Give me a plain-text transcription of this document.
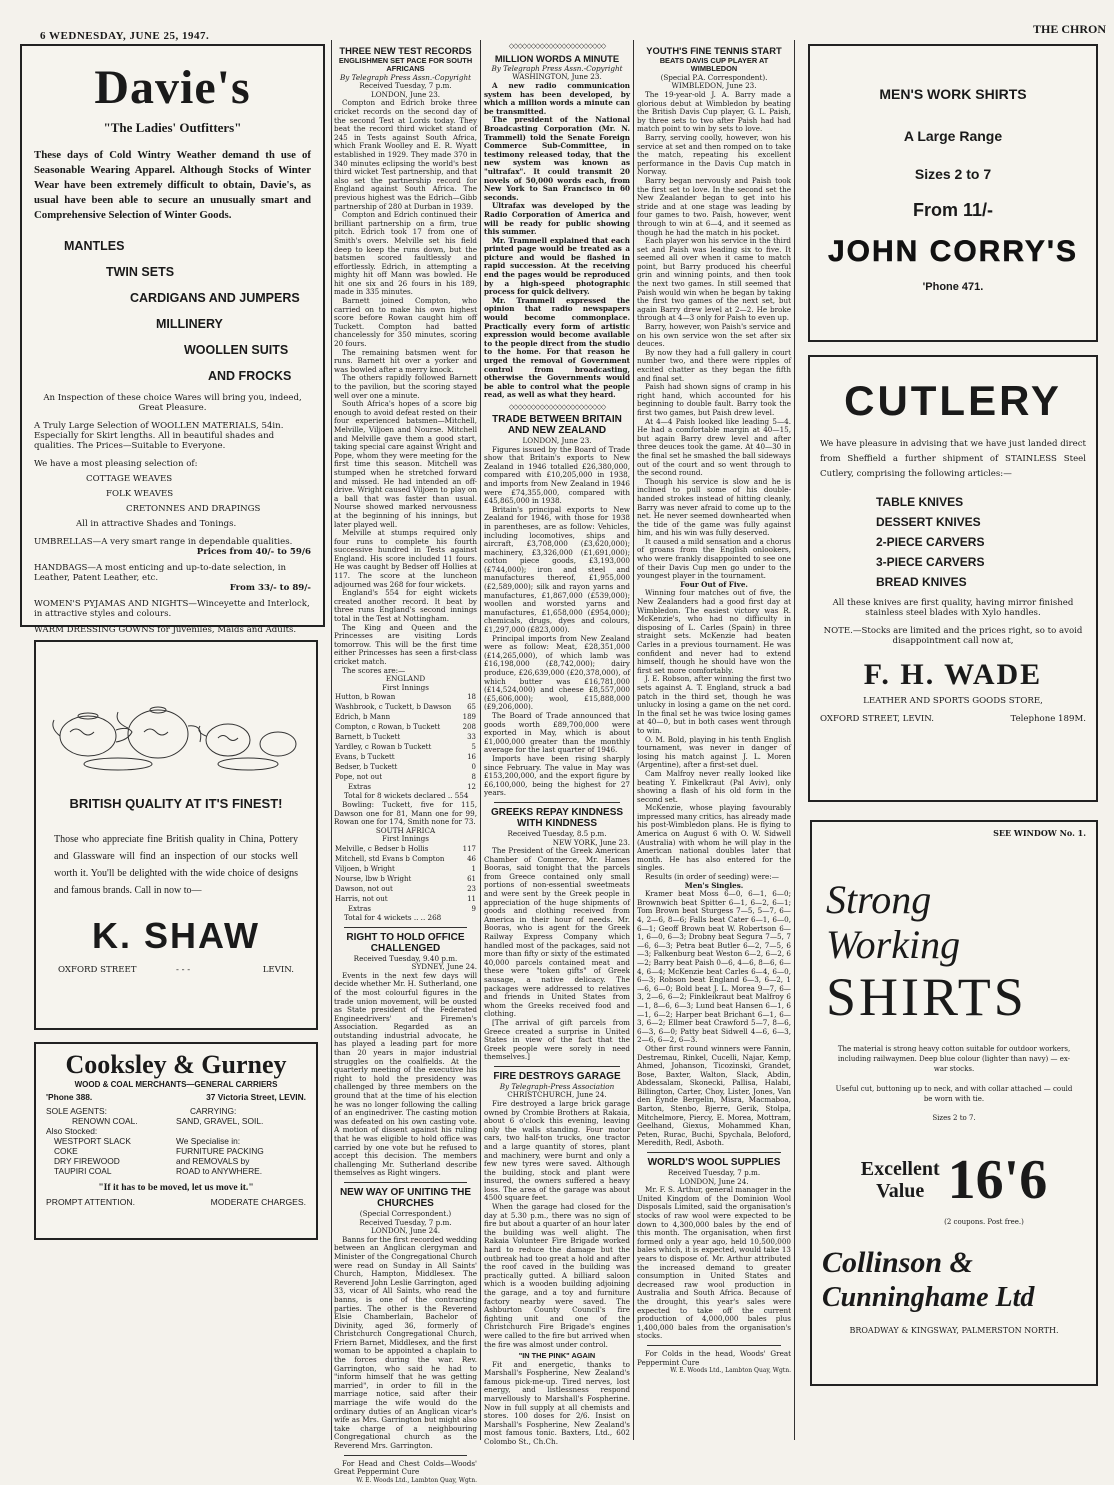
6 WEDNESDAY, JUNE 25, 1947.	THE CHRON
Davie's
"The Ladies' Outfitters"
These days of Cold Wintry Weather demand th use of Seasonable Wearing Apparel. Although Stocks of Winter Wear have been extremely difficult to obtain, Davie's, as usual have been able to secure an unusually smart and Comprehensive Selection of Winter Goods.
MANTLES
TWIN SETS
CARDIGANS AND JUMPERS
MILLINERY
WOOLLEN SUITS
AND FROCKS
An Inspection of these choice Wares will bring you, indeed, Great Pleasure.
A Truly Large Selection of WOOLLEN MATERIALS, 54in. Especially for Skirt lengths. All in beautiful shades and qualities. The Prices—Suitable to Everyone.
We have a most pleasing selection of:
COTTAGE WEAVES
FOLK WEAVES
CRETONNES AND DRAPINGS
All in attractive Shades and Tonings.
UMBRELLAS—A very smart range in dependable qualities.
Prices from 40/- to 59/6
HANDBAGS—A most enticing and up-to-date selection, in Leather, Patent Leather, etc.
From 33/- to 89/-
WOMEN'S PYJAMAS AND NIGHTS—Winceyette and Interlock, in attractive styles and colours.
WARM DRESSING GOWNS for Juveniles, Maids and Adults.
BRITISH QUALITY AT IT'S FINEST!
Those who appreciate fine British quality in China, Pottery and Glassware will find an inspection of our stocks well worth it. You'll be delighted with the wide choice of designs and famous brands. Call in now to—
K. SHAW
OXFORD STREET	- - -	LEVIN.
Cooksley & Gurney
WOOD & COAL MERCHANTS—GENERAL CARRIERS
'Phone 388.	37 Victoria Street, LEVIN.
SOLE AGENTS:
RENOWN COAL.
Also Stocked:
WESTPORT SLACK
COKE
DRY FIREWOOD
TAUPIRI COAL
CARRYING:
SAND, GRAVEL, SOIL.
We Specialise in:
FURNITURE PACKING
and REMOVALS by
ROAD to ANYWHERE.
"If it has to be moved, let us move it."
PROMPT ATTENTION.	MODERATE CHARGES.
THREE NEW TEST RECORDS
ENGLISHMEN SET PACE FOR SOUTH AFRICANS
By Telegraph Press Assn.-Copyright
Received Tuesday, 7 p.m.
LONDON, June 23.

Compton and Edrich broke three cricket records on the second day of the second Test at Lords today. They beat the record third wicket stand of 245 in Tests against South Africa, which Frank Woolley and E. R. Wyatt established in 1929. They made 370 in 340 minutes eclipsing the world's best third wicket Test partnership, and that also set the partnership record for England against South Africa. The previous highest was the Edrich—Gibb partnership of 280 at Durban in 1939.

Compton and Edrich continued their brilliant partnership on a firm, true pitch. Edrich took 17 from one of Smith's overs. Melville set his field deep to keep the runs down, but the batsmen scored faultlessly and effortlessly. Edrich, in attempting a mighty hit off Mann was bowled. He hit one six and 26 fours in his 189, made in 335 minutes.

Barnett joined Compton, who carried on to make his own highest score before Rowan caught him off Tuckett. Compton had batted chancelessly for 350 minutes, scoring 20 fours.

The remaining batsmen went for runs. Barnett hit over a yorker and was bowled after a merry knock.

The others rapidly followed Barnett to the pavilion, but the scoring stayed well over one a minute.

South Africa's hopes of a score big enough to avoid defeat rested on their four experienced batsmen—Mitchell, Melville, Viljoen and Nourse. Mitchell and Melville gave them a good start, taking special care against Wright and Pope, whom they were meeting for the first time this season. Mitchell was stumped when he stretched forward and missed. He had intended an off-drive. Wright caused Viljoen to play on a ball that was faster than usual. Nourse showed marked nervousness at the beginning of his innings, but later played well.

Melville at stumps required only four runs to complete his fourth successive hundred in Tests against England. His score included 11 fours. He was caught by Bedser off Hollies at 117. The score at the luncheon adjourned was 268 for four wickets.

England's 554 for eight wickets created another record. It beat by three runs England's second innings total in the Test at Nottingham.

The King and Queen and the Princesses are visiting Lords tomorrow. This will be the first time either Princesses has seen a first-class cricket match.

The scores are:—
ENGLAND
First Innings
Hutton, b Rowan	18
Washbrook, c Tuckett, b Dawson	65
Edrich, b Mann	189
Compton, c Rowan, b Tuckett	208
Barnett, b Tuckett	33
Yardley, c Rowan b Tuckett	5
Evans, b Tuckett	16
Bedser, b Tuckett	0
Pope, not out	8
Extras	12
Total for 8 wickets declared .. 554

Bowling: Tuckett, five for 115, Dawson one for 81, Mann one for 99, Rowan one for 174, Smith none for 73.

SOUTH AFRICA
First Innings
Melville, c Bedser b Hollis	117
Mitchell, std Evans b Compton	46
Viljoen, b Wright	1
Nourse, lbw b Wright	61
Dawson, not out	23
Harris, not out	11
Extras	9
Total for 4 wickets .. .. 268
RIGHT TO HOLD OFFICE CHALLENGED
Received Tuesday, 9.40 p.m.
SYDNEY, June 24.

Events in the next few days will decide whether Mr. H. Sutherland, one of the most colourful figures in the trade union movement, will be ousted as State president of the Federated Engineedrivers' and Firemen's Association. Regarded as an outstanding industrial advocate, he has played a leading part for more than 20 years in major industrial struggles on the coalfields. At the quarterly meeting of the executive his right to hold the presidency was challenged by three members on the ground that at the time of his election he was no longer following the calling of an enginedriver. The casting motion was defeated on his own casting vote. A motion of dissent against his ruling that he was eligible to hold office was carried by one vote but he refused to accept this decision. The members challenging Mr. Sutherland describe themselves as Right wingers.

NEW WAY OF UNITING THE CHURCHES
(Special Correspondent.)
Received Tuesday, 7 p.m.
LONDON, June 24.

Banns for the first recorded wedding between an Anglican clergyman and Minister of the Congregational Church were read on Sunday in All Saints' Church, Hampton, Middlesex. The Reverend John Leslie Garrington, aged 33, vicar of All Saints, who read the banns, is one of the contracting parties. The other is the Reverend Elsie Chamberlain, Bachelor of Divinity, aged 36, formerly of Christchurch Congregational Church, Friern Barnet, Middlesex, and the first woman to be appointed a chaplain to the forces during the war. Rev. Garrington, who said he had to "inform himself that he was getting married", in order to fill in the marriage notice, said after their marriage the wife would do the ordinary duties of an Anglican vicar's wife as Mrs. Garrington but might also take charge of a neighbouring Congregational church as the Reverend Mrs. Garrington.

For Head and Chest Colds—Woods' Great Peppermint Cure

W. E. Woods Ltd., Lambton Quay, Wgtn.
◇◇◇◇◇◇◇◇◇◇◇◇◇◇◇◇◇◇◇◇◇◇
MILLION WORDS A MINUTE
By Telegraph Press Assn.-Copyright
WASHINGTON, June 23.

A new radio communication system has been developed, by which a million words a minute can be transmitted.

The president of the National Broadcasting Corporation (Mr. N. Trammell) told the Senate Foreign Commerce Sub-Committee, in testimony released today, that the new system was known as "ultrafax". It could transmit 20 novels of 50,000 words each, from New York to San Francisco in 60 seconds.

Ultrafax was developed by the Radio Corporation of America and will be ready for public showing this summer.

Mr. Trammell explained that each printed page would be treated as a picture and would be flashed in rapid succession. At the receiving end the pages would be reproduced by a high-speed photographic process for quick delivery.

Mr. Trammell expressed the opinion that radio newspapers would become commonplace. Practically every form of artistic expression would become available to the people direct from the studio to the home. For that reason he urged the removal of Government control from broadcasting, otherwise the Governments would be able to control what the people read, as well as what they heard.

◇◇◇◇◇◇◇◇◇◇◇◇◇◇◇◇◇◇◇◇◇◇
TRADE BETWEEN BRITAIN AND NEW ZEALAND
LONDON, June 23.

Figures issued by the Board of Trade show that Britain's exports to New Zealand in 1946 totalled £26,380,000, compared with £10,205,000 in 1938, and imports from New Zealand in 1946 were £74,355,000, compared with £45,865,000 in 1938.

Britain's principal exports to New Zealand for 1946, with those for 1938 in parentheses, are as follow: Vehicles, including locomotives, ships and aircraft, £3,708,000 (£3,620,000); machinery, £3,326,000 (£1,691,000); cotton piece goods, £3,193,000 (£744,000); iron and steel and manufactures thereof, £1,955,000 (£2,589,000); silk and rayon yarns and manufactures, £1,867,000 (£539,000); woollen and worsted yarns and manufactures, £1,658,000 (£954,000); chemicals, drugs, dyes and colours, £1,297,000 (£823,000).

Principal imports from New Zealand were as follow: Meat, £28,351,000 (£14,265,000), of which lamb was £16,198,000 (£8,742,000); dairy produce, £26,639,000 (£20,378,000), of which butter was £16,781,000 (£14,524,000) and cheese £8,557,000 (£5,606,000); wool, £15,888,000 (£9,206,000).

The Board of Trade announced that goods worth £89,700,000 were exported in May, which is about £1,000,000 greater than the monthly average for the last quarter of 1946.

Imports have been rising sharply since February. The value in May was £153,200,000, and the export figure by £6,100,000, being the highest for 27 years.

GREEKS REPAY KINDNESS WITH KINDNESS
Received Tuesday, 8.5 p.m.
NEW YORK, June 23.

The President of the Greek American Chamber of Commerce, Mr. Hames Booras, said tonight that the parcels from Greece contained only small portions of non-essential sweetmeats and were sent by the Greek people in appreciation of the huge shipments of goods and clothing received from America in their hour of needs. Mr. Booras, who is agent for the Greek Railway Express Company which handled most of the packages, said not more than fifty or sixty of the estimated 40,000 parcels contained meat and these were "token gifts" of Greek sausage, a native delicacy. The packages were addressed to relatives and friends in United States from whom the Greeks received food and clothing.

[The arrival of gift parcels from Greece created a surprise in United States in view of the fact that the Greek people were sorely in need themselves.]

FIRE DESTROYS GARAGE
By Telegraph-Press Association
CHRISTCHURCH, June 24.

Fire destroyed a large brick garage owned by Crombie Brothers at Rakaia, about 6 o'clock this evening, leaving only the walls standing. Four motor cars, two half-ton trucks, one tractor and a large quantity of stores, plant and machinery, were burnt and only a few new tyres were saved. Although the building, stock and plant were insured, the owners suffered a heavy loss. The area of the garage was about 4500 square feet.

When the garage had closed for the day at 5.30 p.m., there was no sign of fire but about a quarter of an hour later the building was well alight. The Rakaia Volunteer Fire Brigade worked hard to reduce the damage but the outbreak had too great a hold and after the roof caved in the building was practically gutted. A billiard saloon which is a wooden building adjoining the garage, and a toy and furniture factory nearby were saved. The Ashburton County Council's fire fighting unit and one of the Christchurch Fire Brigade's engines were called to the fire but arrived when the fire was almost under control.

"IN THE PINK" AGAIN

Fit and energetic, thanks to Marshall's Fospherine, New Zealand's famous pick-me-up. Tired nerves, lost energy, and listlessness respond marvellously to Marshall's Fospherine. Now in full supply at all chemists and stores. 100 doses for 2/6. Insist on Marshall's Fospherine, New Zealand's most famous tonic. Baxters, Ltd., 602 Colombo St., Ch.Ch.

YOUTH'S FINE TENNIS START
BEATS DAVIS CUP PLAYER AT WIMBLEDON
(Special P.A. Correspondent).
WIMBLEDON, June 23.

The 19-year-old J. A. Barry made a glorious debut at Wimbledon by beating the British Davis Cup player, G. L. Paish, by three sets to two after Paish had had match point to win by sets to love.

Barry, serving coolly, however, won his service at set and then romped on to take the match, repeating his excellent performance in the Davis Cup match in Norway.

Barry began nervously and Paish took the first set to love. In the second set the New Zealander began to get into his stride and at one stage was leading by four games to two. Paish, however, went through to win at 6—4, and it seemed as though he had the match in his pocket.

Each player won his service in the third set and Paish was leading six to five. It seemed all over when it came to match point, but Barry produced his cheerful grin and winning points, and then took the next two games. In still seemed that Paish would win when he began by taking the first two games of the next set, but again Barry drew level at 2—2. He broke through at 4—3 only for Paish to even up.

Barry, however, won Paish's service and on his own service won the set after six deuces.

By now they had a full gallery in court number two, and there were ripples of excited chatter as they began the fifth and final set.

Paish had shown signs of cramp in his right hand, which accounted for his beginning to double fault. Barry took the first two games, but Paish drew level.

At 4—4 Paish looked like leading 5—4. He had a comfortable margin at 40—15, but again Barry drew level and after three deuces took the game. At 40—30 in the final set he smashed the ball sideways out of the court and so went through to the second round.

Though his service is slow and he is inclined to pull some of his double-handed strokes instead of hitting cleanly, Barry was never afraid to come up to the net. He never seemed downhearted when the tide of the game was fully against him, and his win was fully deserved.

It caused a mild sensation and a chorus of groans from the English onlookers, who were frankly disappointed to see one of their Davis Cup men go under to the youngest player in the tournament.

Four Out of Five.

Winning four matches out of five, the New Zealanders had a good first day at Wimbledon. The easiest victory was R. McKenzie's, who had no difficulty in disposing of L. Carles (Spain) in three straight sets. McKenzie had beaten Carles in a previous tournament. He was confident and never had to extend himself, though he should have won the first set more comfortably.

J. E. Robson, after winning the first two sets against A. T. England, struck a bad patch in the third set, though he was unlucky in losing a game on the net cord. In the final set he was twice losing games at 40—0, but in both cases went through to win.

O. M. Bold, playing in his tenth English tournament, was never in danger of losing his match against J. L. Moren (Argentine), after a first-set duel.

Cam Malfroy never really looked like beating Y. Finkelkraut (Pal Aviv), only showing a flash of his old form in the second set.

McKenzie, whose playing favourably impressed many critics, has already made his post-Wimbledon plans. He is flying to America on August 6 with O. W. Sidwell (Australia) with whom he will play in the American national doubles later that month. He has also entered for the singles.

Results (in order of seeding) were:—

Men's Singles.

Kramer beat Moss 6—0, 6—1, 6—0; Brownwich beat Spitter 6—1, 6—2, 6—1; Tom Brown beat Sturgess 7—5, 5—7, 6—4, 2—6, 8—6; Falls beat Cater 6—1, 6—0, 6—1; Geoff Brown beat W. Robertson 6—1, 6—0, 6—3; Drobny beat Segura 7—5, 7—6, 6—3; Petra beat Butler 6—2, 7—5, 6—3; Falkenburg beat Weston 6—2, 6—2, 6—2; Barry beat Paish 0—6, 4—6, 8—6, 6—4, 6—4; McKenzie beat Carles 6—4, 6—0, 6—3; Robson beat England 6—3, 6—2, 1—6, 6—0; Bold beat J. L. Morea 9—7, 6—3, 2—6, 6—2; Finkleikraut beat Malfroy 6—1, 8—6, 6—3; Lund beat Hansen 6—1, 6—1, 6—2; Harper beat Brichant 6—1, 6—3, 6—2; Ellmer beat Crawford 5—7, 8—6, 6—3, 6—0; Patty beat Sidwell 4—6, 6—3, 2—6, 6—2, 6—3.

Other first round winners were Fannin, Destremau, Rinkel, Cucelli, Najar, Kemp, Ahmed, Johanson, Ticozinski, Grandet, Bose, Baxter, Walton, Slack, Abdin, Abdessalam, Skonecki, Pallisa, Halabi, Billington, Carter, Choy, Lister, Jones, Van den Eynde Bergelin, Misra, Macmaboa, Barton, Stenbo, Bjerre, Gerik, Stolpa, Mitchelmore, Piercy, E. Morea, Mottram, Geelhand, Giexus, Mohammed Khan, Peten, Rurac, Buchi, Spychala, Beloford, Meredith, Redl, Asboth.

WORLD'S WOOL SUPPLIES
Received Tuesday, 7 p.m.
LONDON, June 24.

Mr. F. S. Arthur, general manager in the United Kingdom of the Dominion Wool Disposals Limited, said the organisation's stocks of raw wool were expected to be down to 4,300,000 bales by the end of this month. The organisation, when first formed only a year ago, held 10,500,000 bales which, it is expected, would take 13 years to dispose of. Mr. Arthur attributed the increased demand to greater consumption in United States and decreased raw wool production in Australia and South Africa. Because of the drought, this year's sales were expected to take off the current production of 4,000,000 bales plus 1,400,000 bales from the organisation's stocks.

For Colds in the head, Woods' Great Peppermint Cure

W. E. Woods Ltd., Lambton Quay, Wgtn.
MEN'S WORK SHIRTS
A Large Range
Sizes 2 to 7
From 11/-
JOHN CORRY'S
'Phone 471.
CUTLERY
We have pleasure in advising that we have just landed direct from Sheffield a further shipment of STAINLESS Steel Cutlery, comprising the following articles:—
TABLE KNIVES
DESSERT KNIVES
2-PIECE CARVERS
3-PIECE CARVERS
BREAD KNIVES
All these knives are first quality, having mirror finished stainless steel blades with Xylo handles.
NOTE.—Stocks are limited and the prices right, so to avoid disappointment call now at,
F. H. WADE
LEATHER AND SPORTS GOODS STORE,
OXFORD STREET, LEVIN.	Telephone 189M.
SEE WINDOW No. 1.
Strong
Working
SHIRTS
The material is strong heavy cotton suitable for outdoor workers, including railwaymen. Deep blue colour (lighter than navy) — ex-war stocks.
Useful cut, buttoning up to neck, and with collar attached — could be worn with tie.
Sizes 2 to 7.
Excellent
Value 16'6
(2 coupons. Post free.)
Collinson &
Cunninghame Ltd
BROADWAY & KINGSWAY, PALMERSTON NORTH.
